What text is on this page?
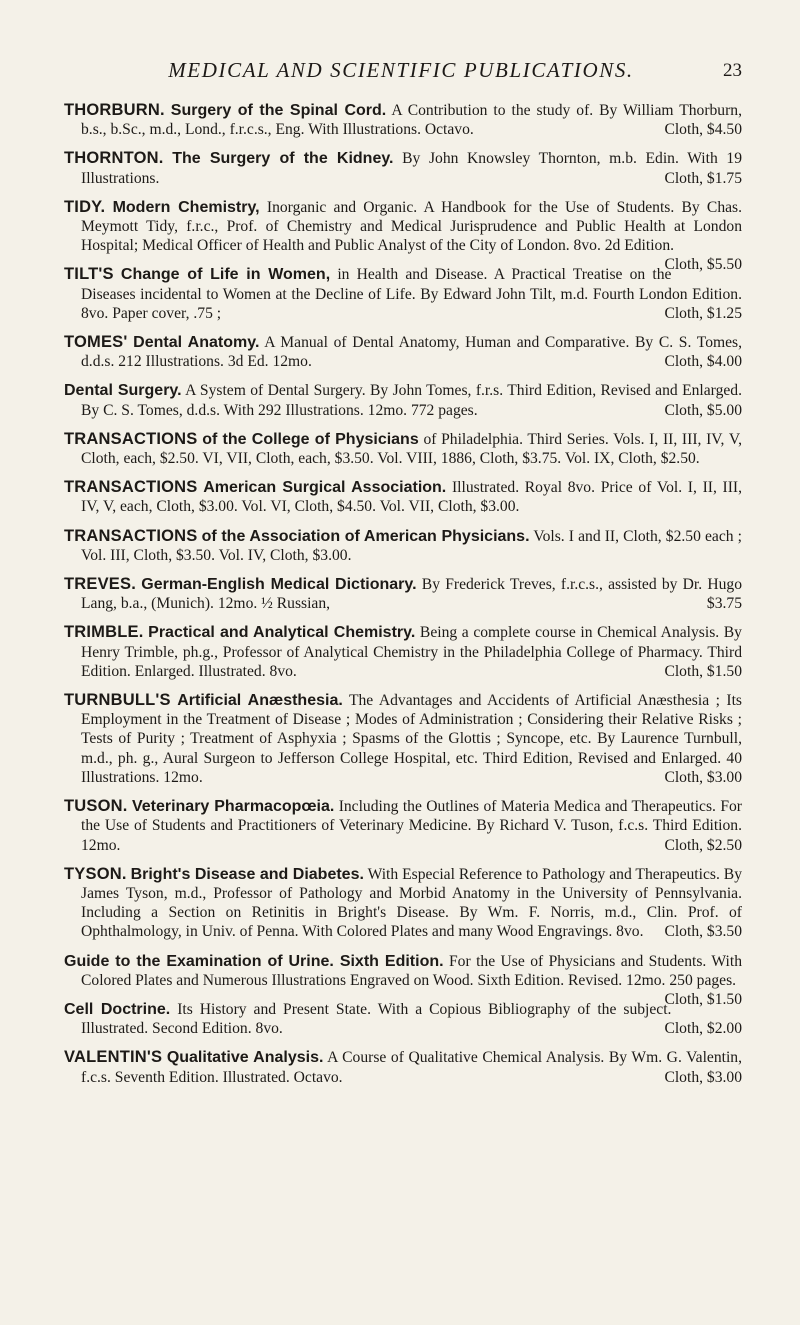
MEDICAL AND SCIENTIFIC PUBLICATIONS.	23

THORBURN. Surgery of the Spinal Cord. A Contribution to the study of. By William Thorburn, b.s., b.Sc., m.d., Lond., f.r.c.s., Eng. With Illustrations. Octavo.	Cloth, $4.50

THORNTON. The Surgery of the Kidney. By John Knowsley Thornton, m.b. Edin. With 19 Illustrations.	Cloth, $1.75

TIDY. Modern Chemistry, Inorganic and Organic. A Handbook for the Use of Students. By Chas. Meymott Tidy, f.r.c., Prof. of Chemistry and Medical Jurisprudence and Public Health at London Hospital; Medical Officer of Health and Public Analyst of the City of London. 8vo. 2d Edition.
Cloth, $5.50

TILT'S Change of Life in Women, in Health and Disease. A Practical Treatise on the Diseases incidental to Women at the Decline of Life. By Edward John Tilt, m.d. Fourth London Edition. 8vo. Paper cover, .75 ;	Cloth, $1.25

TOMES' Dental Anatomy. A Manual of Dental Anatomy, Human and Comparative. By C. S. Tomes, d.d.s. 212 Illustrations. 3d Ed. 12mo.	Cloth, $4.00

Dental Surgery. A System of Dental Surgery. By John Tomes, f.r.s. Third Edition, Revised and Enlarged. By C. S. Tomes, d.d.s. With 292 Illustrations. 12mo. 772 pages.	Cloth, $5.00

TRANSACTIONS of the College of Physicians of Philadelphia. Third Series. Vols. I, II, III, IV, V, Cloth, each, $2.50. VI, VII, Cloth, each, $3.50. Vol. VIII, 1886, Cloth, $3.75. Vol. IX, Cloth, $2.50.

TRANSACTIONS American Surgical Association. Illustrated. Royal 8vo. Price of Vol. I, II, III, IV, V, each, Cloth, $3.00. Vol. VI, Cloth, $4.50. Vol. VII, Cloth, $3.00.

TRANSACTIONS of the Association of American Physicians. Vols. I and II, Cloth, $2.50 each ; Vol. III, Cloth, $3.50. Vol. IV, Cloth, $3.00.

TREVES. German-English Medical Dictionary. By Frederick Treves, f.r.c.s., assisted by Dr. Hugo Lang, b.a., (Munich). 12mo. ½ Russian,	$3.75

TRIMBLE. Practical and Analytical Chemistry. Being a complete course in Chemical Analysis. By Henry Trimble, ph.g., Professor of Analytical Chemistry in the Philadelphia College of Pharmacy. Third Edition. Enlarged. Illustrated. 8vo.	Cloth, $1.50

TURNBULL'S Artificial Anæsthesia. The Advantages and Accidents of Artificial Anæsthesia ; Its Employment in the Treatment of Disease ; Modes of Administration ; Considering their Relative Risks ; Tests of Purity ; Treatment of Asphyxia ; Spasms of the Glottis ; Syncope, etc. By Laurence Turnbull, m.d., ph. g., Aural Surgeon to Jefferson College Hospital, etc. Third Edition, Revised and Enlarged. 40 Illustrations. 12mo.	Cloth, $3.00

TUSON. Veterinary Pharmacopœia. Including the Outlines of Materia Medica and Therapeutics. For the Use of Students and Practitioners of Veterinary Medicine. By Richard V. Tuson, f.c.s. Third Edition. 12mo.	Cloth, $2.50

TYSON. Bright's Disease and Diabetes. With Especial Reference to Pathology and Therapeutics. By James Tyson, m.d., Professor of Pathology and Morbid Anatomy in the University of Pennsylvania. Including a Section on Retinitis in Bright's Disease. By Wm. F. Norris, m.d., Clin. Prof. of Ophthalmology, in Univ. of Penna. With Colored Plates and many Wood Engravings. 8vo. Cloth, $3.50

Guide to the Examination of Urine. Sixth Edition. For the Use of Physicians and Students. With Colored Plates and Numerous Illustrations Engraved on Wood. Sixth Edition. Revised. 12mo. 250 pages.
Cloth, $1.50

Cell Doctrine. Its History and Present State. With a Copious Bibliography of the subject. Illustrated. Second Edition. 8vo.	Cloth, $2.00

VALENTIN'S Qualitative Analysis. A Course of Qualitative Chemical Analysis. By Wm. G. Valentin, f.c.s. Seventh Edition. Illustrated. Octavo.	Cloth, $3.00
